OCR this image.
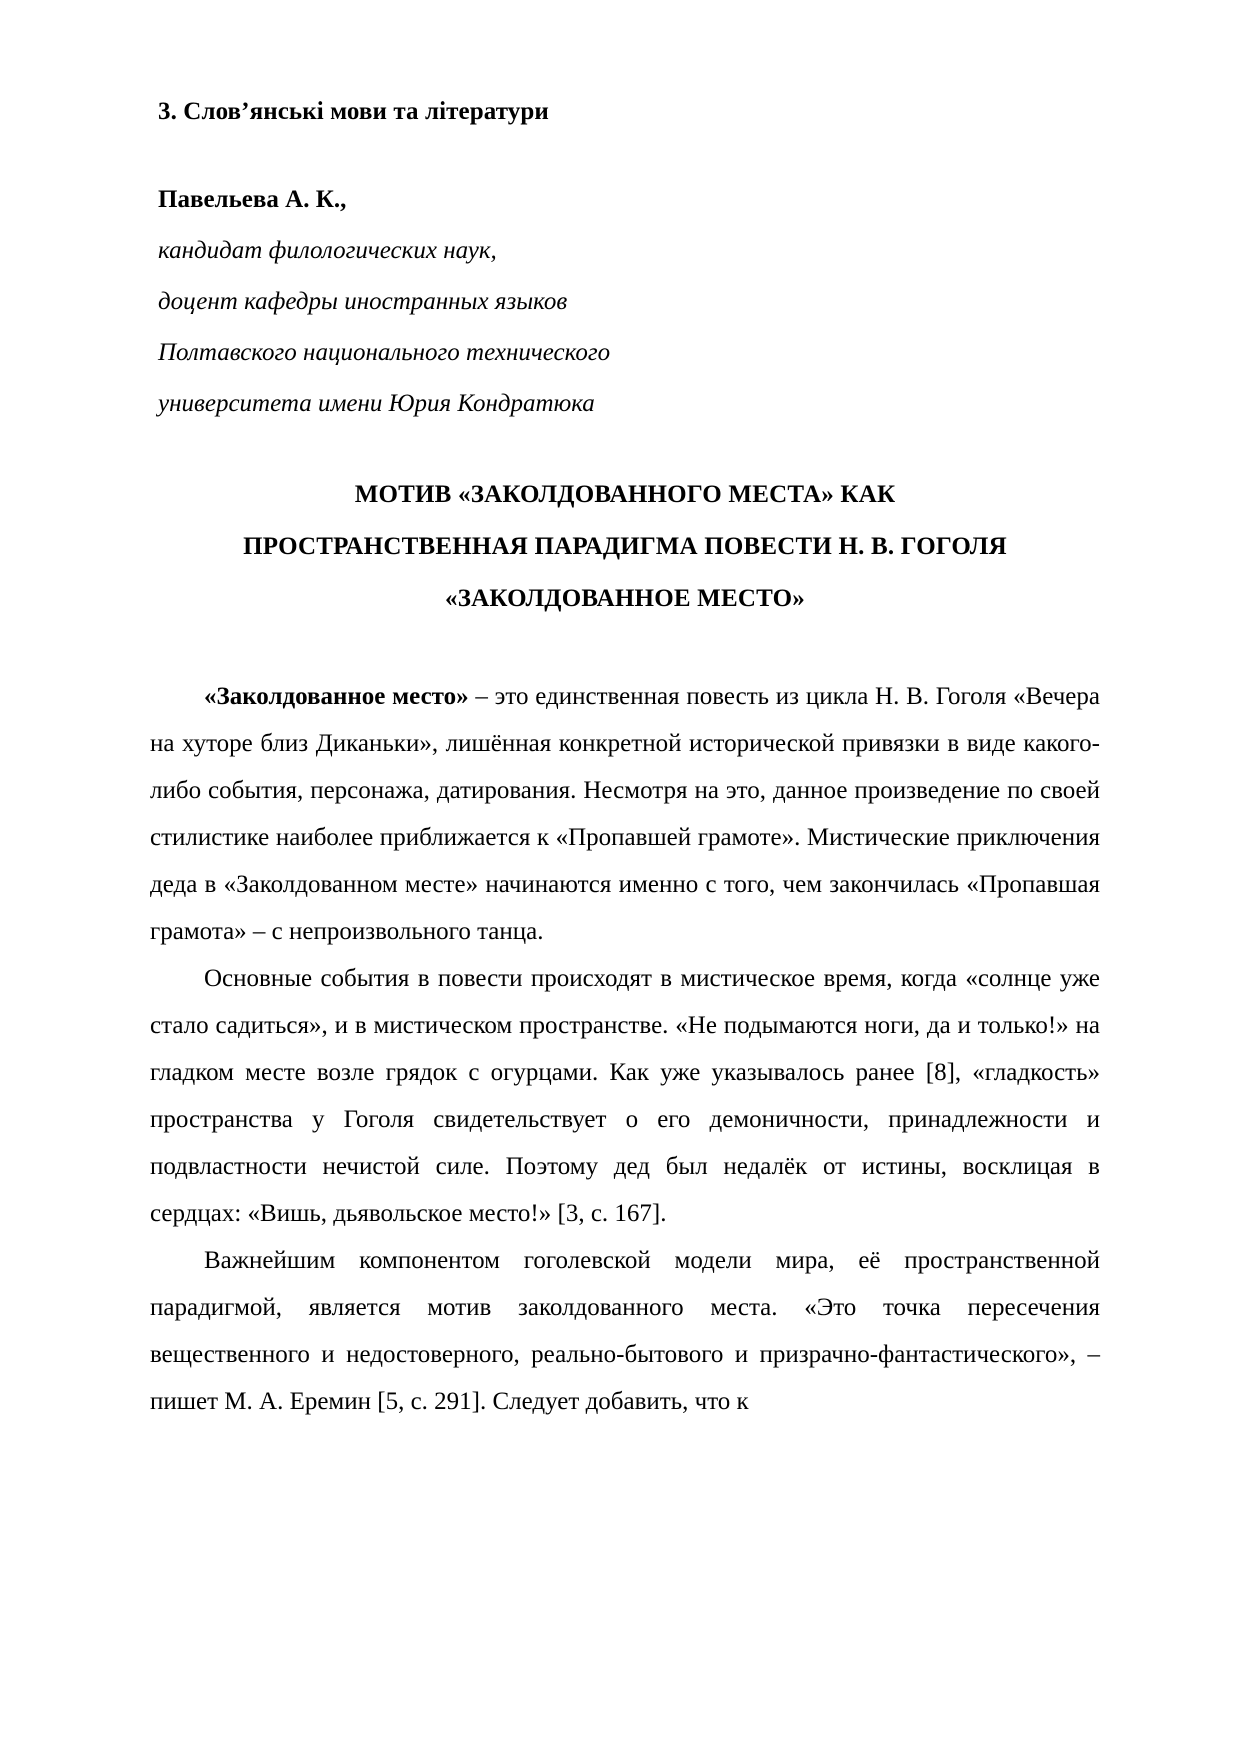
3. Слов’янські мови та літератури
Павельева А. К.,
кандидат филологических наук,
доцент кафедры иностранных языков
Полтавского национального технического
университета имени Юрия Кондратюка
МОТИВ «ЗАКОЛДОВАННОГО МЕСТА» КАК
ПРОСТРАНСТВЕННАЯ ПАРАДИГМА ПОВЕСТИ Н. В. ГОГОЛЯ
«ЗАКОЛДОВАННОЕ МЕСТО»

«Заколдованное место» – это единственная повесть из цикла Н. В. Гоголя «Вечера на хуторе близ Диканьки», лишённая конкретной исторической привязки в виде какого-либо события, персонажа, датирования. Несмотря на это, данное произведение по своей стилистике наиболее приближается к «Пропавшей грамоте». Мистические приключения деда в «Заколдованном месте» начинаются именно с того, чем закончилась «Пропавшая грамота» – с непроизвольного танца.

Основные события в повести происходят в мистическое время, когда «солнце уже стало садиться», и в мистическом пространстве. «Не подымаются ноги, да и только!» на гладком месте возле грядок с огурцами. Как уже указывалось ранее [8], «гладкость» пространства у Гоголя свидетельствует о его демоничности, принадлежности и подвластности нечистой силе. Поэтому дед был недалёк от истины, восклицая в сердцах: «Вишь, дьявольское место!» [3, с. 167].

Важнейшим компонентом гоголевской модели мира, её пространственной парадигмой, является мотив заколдованного места. «Это точка пересечения вещественного и недостоверного, реально-бытового и призрачно-фантастического», – пишет М. А. Еремин [5, с. 291]. Следует добавить, что к
